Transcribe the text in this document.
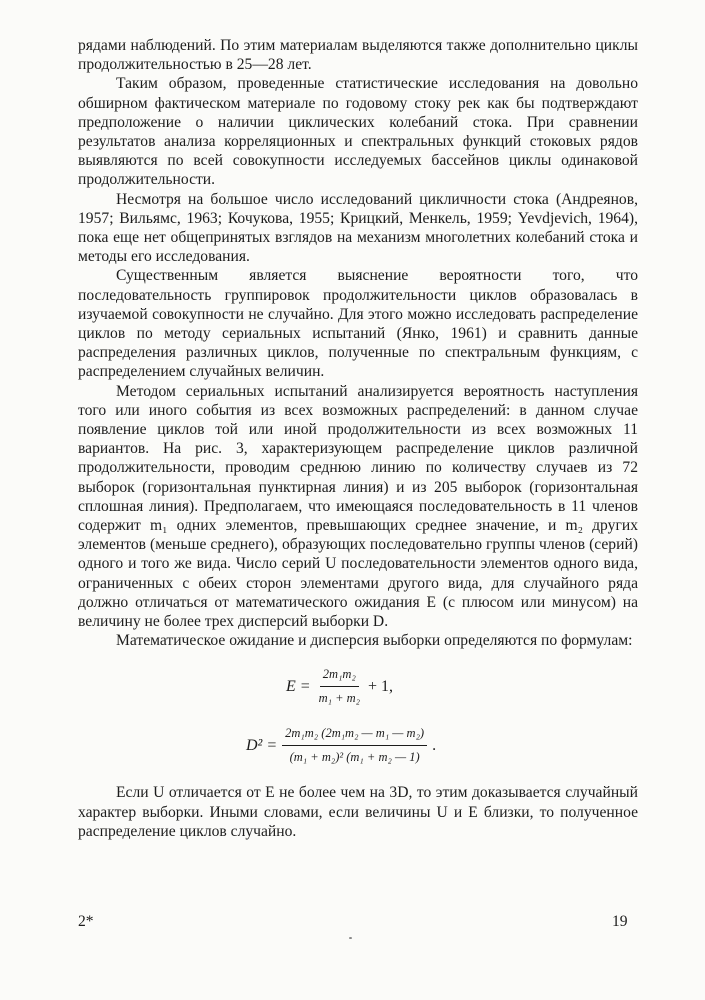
рядами наблюдений. По этим материалам выделяются также дополнительно циклы продолжительностью в 25—28 лет.

Таким образом, проведенные статистические исследования на довольно обширном фактическом материале по годовому стоку рек как бы подтверждают предположение о наличии циклических колебаний стока. При сравнении результатов анализа корреляционных и спектральных функций стоковых рядов выявляются по всей совокупности исследуемых бассейнов циклы одинаковой продолжительности.

Несмотря на большое число исследований цикличности стока (Андреянов, 1957; Вильямс, 1963; Кочукова, 1955; Крицкий, Менкель, 1959; Yevdjevich, 1964), пока еще нет общепринятых взглядов на механизм многолетних колебаний стока и методы его исследования.

Существенным является выяснение вероятности того, что последовательность группировок продолжительности циклов образовалась в изучаемой совокупности не случайно. Для этого можно исследовать распределение циклов по методу сериальных испытаний (Янко, 1961) и сравнить данные распределения различных циклов, полученные по спектральным функциям, с распределением случайных величин.

Методом сериальных испытаний анализируется вероятность наступления того или иного события из всех возможных распределений: в данном случае появление циклов той или иной продолжительности из всех возможных 11 вариантов. На рис. 3, характеризующем распределение циклов различной продолжительности, проводим среднюю линию по количеству случаев из 72 выборок (горизонтальная пунктирная линия) и из 205 выборок (горизонтальная сплошная линия). Предполагаем, что имеющаяся последовательность в 11 членов содержит m₁ одних элементов, превышающих среднее значение, и m₂ других элементов (меньше среднего), образующих последовательно группы членов (серий) одного и того же вида. Число серий U последовательности элементов одного вида, ограниченных с обеих сторон элементами другого вида, для случайного ряда должно отличаться от математического ожидания E (с плюсом или минусом) на величину не более трех дисперсий выборки D.

Математическое ожидание и дисперсия выборки определяются по формулам:

$E = \frac{\text{2m₁m₂}}{\text{m₁ + m₂}} + 1$,
$D^2 = \frac{\text{2m₁m₂ (2m₁m₂ — m₁ — m₂)}}{\text{(m₁ + m₂)² (m₁ + m₂ — 1)}}$ .

Если U отличается от E не более чем на 3D, то этим доказывается случайный характер выборки. Иными словами, если величины U и E близки, то полученное распределение циклов случайно.

2*	19
